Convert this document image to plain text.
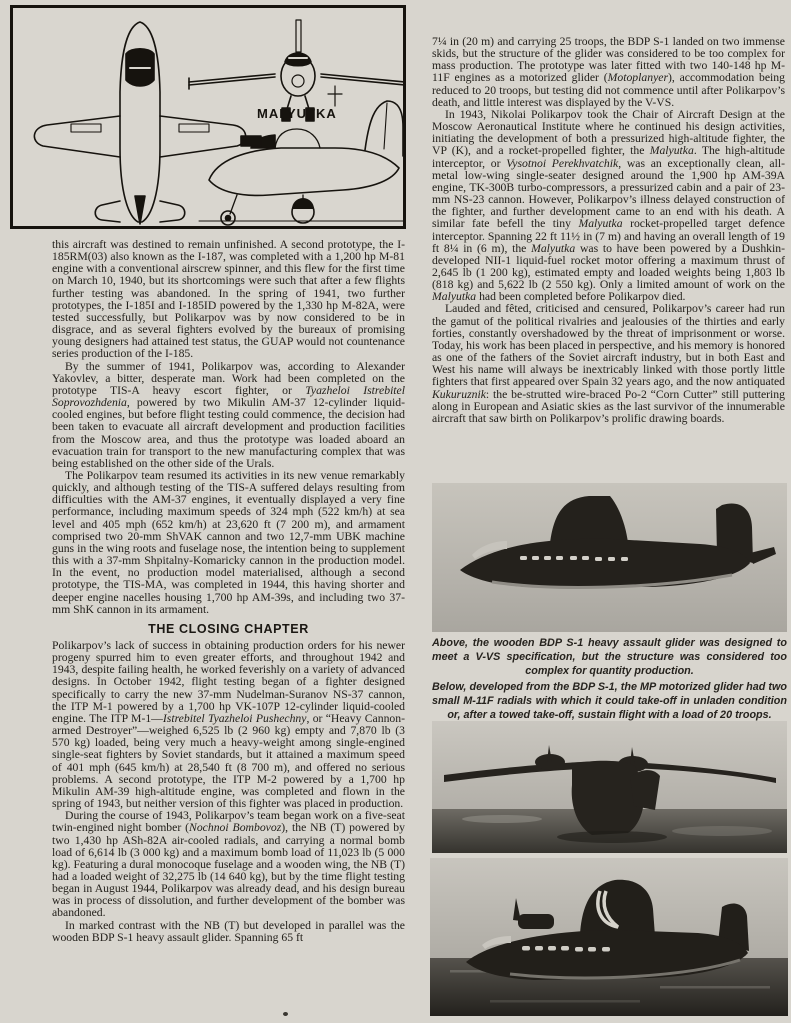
MALYUTKA

this aircraft was destined to remain unfinished. A second prototype, the I-185RM(03) also known as the I-187, was completed with a 1,200 hp M-81 engine with a conventional airscrew spinner, and this flew for the first time on March 10, 1940, but its shortcomings were such that after a few flights further testing was abandoned. In the spring of 1941, two further prototypes, the I-185I and I-185ID powered by the 1,330 hp M-82A, were tested successfully, but Polikarpov was by now considered to be in disgrace, and as several fighters evolved by the bureaux of promising young designers had attained test status, the GUAP would not countenance series production of the I-185.

By the summer of 1941, Polikarpov was, according to Alexander Yakovlev, a bitter, desperate man. Work had been completed on the prototype TIS-A heavy escort fighter, or Tyazheloi Istrebitel Soprovozhdenia, powered by two Mikulin AM-37 12-cylinder liquid-cooled engines, but before flight testing could commence, the decision had been taken to evacuate all aircraft development and production facilities from the Moscow area, and thus the prototype was loaded aboard an evacuation train for transport to the new manufacturing complex that was being established on the other side of the Urals.

The Polikarpov team resumed its activities in its new venue remarkably quickly, and although testing of the TIS-A suffered delays resulting from difficulties with the AM-37 engines, it eventually displayed a very fine performance, including maximum speeds of 324 mph (522 km/h) at sea level and 405 mph (652 km/h) at 23,620 ft (7 200 m), and armament comprised two 20-mm ShVAK cannon and two 12,7-mm UBK machine guns in the wing roots and fuselage nose, the intention being to supplement this with a 37-mm Shpitalny-Komaricky cannon in the production model. In the event, no production model materialised, although a second prototype, the TIS-MA, was completed in 1944, this having shorter and deeper engine nacelles housing 1,700 hp AM-39s, and including two 37-mm ShK cannon in its armament.

THE CLOSING CHAPTER

Polikarpov’s lack of success in obtaining production orders for his newer progeny spurred him to even greater efforts, and throughout 1942 and 1943, despite failing health, he worked feverishly on a variety of advanced designs. In October 1942, flight testing began of a fighter designed specifically to carry the new 37-mm Nudelman-Suranov NS-37 cannon, the ITP M-1 powered by a 1,700 hp VK-107P 12-cylinder liquid-cooled engine. The ITP M-1—Istrebitel Tyazheloi Pushechny, or “Heavy Cannon-armed Destroyer”—weighed 6,525 lb (2 960 kg) empty and 7,870 lb (3 570 kg) loaded, being very much a heavy-weight among single-engined single-seat fighters by Soviet standards, but it attained a maximum speed of 401 mph (645 km/h) at 28,540 ft (8 700 m), and offered no serious problems. A second prototype, the ITP M-2 powered by a 1,700 hp Mikulin AM-39 high-altitude engine, was completed and flown in the spring of 1943, but neither version of this fighter was placed in production.

During the course of 1943, Polikarpov’s team began work on a five-seat twin-engined night bomber (Nochnoi Bombovoz), the NB (T) powered by two 1,430 hp ASh-82A air-cooled radials, and carrying a normal bomb load of 6,614 lb (3 000 kg) and a maximum bomb load of 11,023 lb (5 000 kg). Featuring a dural monocoque fuselage and a wooden wing, the NB (T) had a loaded weight of 32,275 lb (14 640 kg), but by the time flight testing began in August 1944, Polikarpov was already dead, and his design bureau was in process of dissolution, and further development of the bomber was abandoned.

In marked contrast with the NB (T) but developed in parallel was the wooden BDP S-1 heavy assault glider. Spanning 65 ft

7¼ in (20 m) and carrying 25 troops, the BDP S-1 landed on two immense skids, but the structure of the glider was considered to be too complex for mass production. The prototype was later fitted with two 140-148 hp M-11F engines as a motorized glider (Motoplanyer), accommodation being reduced to 20 troops, but testing did not commence until after Polikarpov’s death, and little interest was displayed by the V-VS.

In 1943, Nikolai Polikarpov took the Chair of Aircraft Design at the Moscow Aeronautical Institute where he continued his design activities, initiating the development of both a pressurized high-altitude fighter, the VP (K), and a rocket-propelled fighter, the Malyutka. The high-altitude interceptor, or Vysotnoi Perekhvatchik, was an exceptionally clean, all-metal low-wing single-seater designed around the 1,900 hp AM-39A engine, TK-300B turbo-compressors, a pressurized cabin and a pair of 23-mm NS-23 cannon. However, Polikarpov’s illness delayed construction of the fighter, and further development came to an end with his death. A similar fate befell the tiny Malyutka rocket-propelled target defence interceptor. Spanning 22 ft 11½ in (7 m) and having an overall length of 19 ft 8¼ in (6 m), the Malyutka was to have been powered by a Dushkin-developed NII-1 liquid-fuel rocket motor offering a maximum thrust of 2,645 lb (1 200 kg), estimated empty and loaded weights being 1,803 lb (818 kg) and 5,622 lb (2 550 kg). Only a limited amount of work on the Malyutka had been completed before Polikarpov died.

Lauded and fêted, criticised and censured, Polikarpov’s career had run the gamut of the political rivalries and jealousies of the thirties and early forties, constantly overshadowed by the threat of imprisonment or worse. Today, his work has been placed in perspective, and his memory is honored as one of the fathers of the Soviet aircraft industry, but in both East and West his name will always be inextricably linked with those portly little fighters that first appeared over Spain 32 years ago, and the now antiquated Kukuruznik: the be-strutted wire-braced Po-2 “Corn Cutter” still puttering along in European and Asiatic skies as the last survivor of the innumerable aircraft that saw birth on Polikarpov’s prolific drawing boards.

Above, the wooden BDP S-1 heavy assault glider was designed to meet a V-VS specification, but the structure was considered too complex for quantity production.
Below, developed from the BDP S-1, the MP motorized glider had two small M-11F radials with which it could take-off in unladen condition or, after a towed take-off, sustain flight with a load of 20 troops.
